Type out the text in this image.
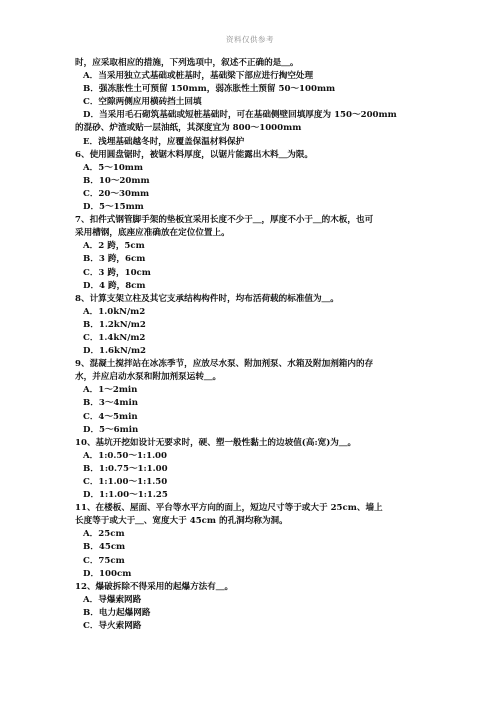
资料仅供参考
时，应采取相应的措施，下列选项中，叙述不正确的是＿。
A．当采用独立式基础或桩基时，基础梁下部应进行掏空处理
B．强冻胀性土可预留 150mm，弱冻胀性土预留 50～100mm
C．空隙两侧应用横砖挡土回填
D．当采用毛石砌筑基础或短桩基础时，可在基础侧壁回填厚度为 150～200mm
的混砂、炉渣或贴一层油纸，其深度宜为 800～1000mm
E．浅埋基础越冬时，应覆盖保温材料保护
6、使用圆盘锯时，被锯木料厚度，以锯片能露出木料＿为限。
A．5～10mm
B．10～20mm
C．20～30mm
D．5～15mm
7、扣件式钢管脚手架的垫板宜采用长度不少于＿，厚度不小于＿的木板，也可
采用槽钢，底座应准确放在定位位置上。
A．2 跨，5cm
B．3 跨，6cm
C．3 跨，10cm
D．4 跨，8cm
8、计算支架立柱及其它支承结构构件时，均布活荷载的标准值为＿。
A．1.0kN/m2
B．1.2kN/m2
C．1.4kN/m2
D．1.6kN/m2
9、混凝土搅拌站在冰冻季节，应放尽水泵、附加剂泵、水箱及附加剂箱内的存
水，并应启动水泵和附加剂泵运转＿。
A．1～2min
B．3～4min
C．4～5min
D．5～6min
10、基坑开挖如设计无要求时，硬、塑一般性黏土的边坡值(高:宽)为＿。
A．1:0.50～1:1.00
B．1:0.75～1:1.00
C．1:1.00～1:1.50
D．1:1.00～1:1.25
11、在楼板、屋面、平台等水平方向的面上，短边尺寸等于或大于 25cm、墙上
长度等于或大于＿、宽度大于 45cm 的孔洞均称为洞。
A．25cm
B．45cm
C．75cm
D．100cm
12、爆破拆除不得采用的起爆方法有＿。
A．导爆索网路
B．电力起爆网路
C．导火索网路
